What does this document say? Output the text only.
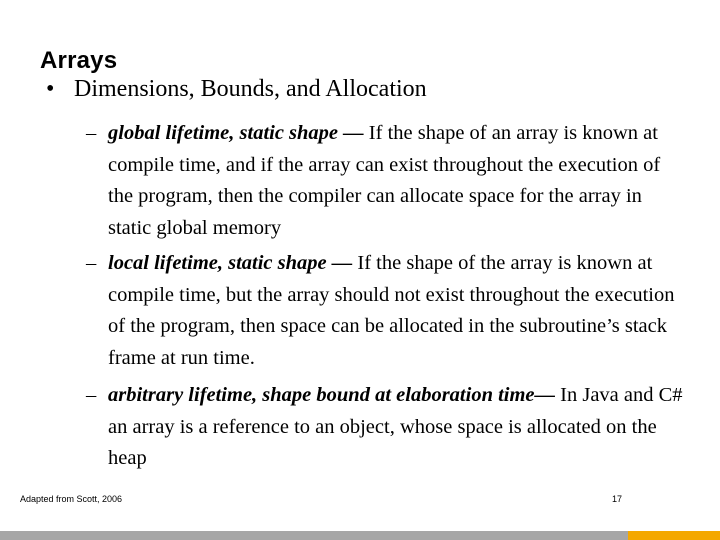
Arrays
• Dimensions, Bounds, and Allocation
– global lifetime, static shape — If the shape of an array is known at compile time, and if the array can exist throughout the execution of the program, then the compiler can allocate space for the array in static global memory
– local lifetime, static shape — If the shape of the array is known at compile time, but the array should not exist throughout the execution of the program, then space can be allocated in the subroutine’s stack frame at run time.
– arbitrary lifetime, shape bound at elaboration time— In Java and C# an array is a reference to an object, whose space is allocated on the heap
Adapted from Scott, 2006	17
